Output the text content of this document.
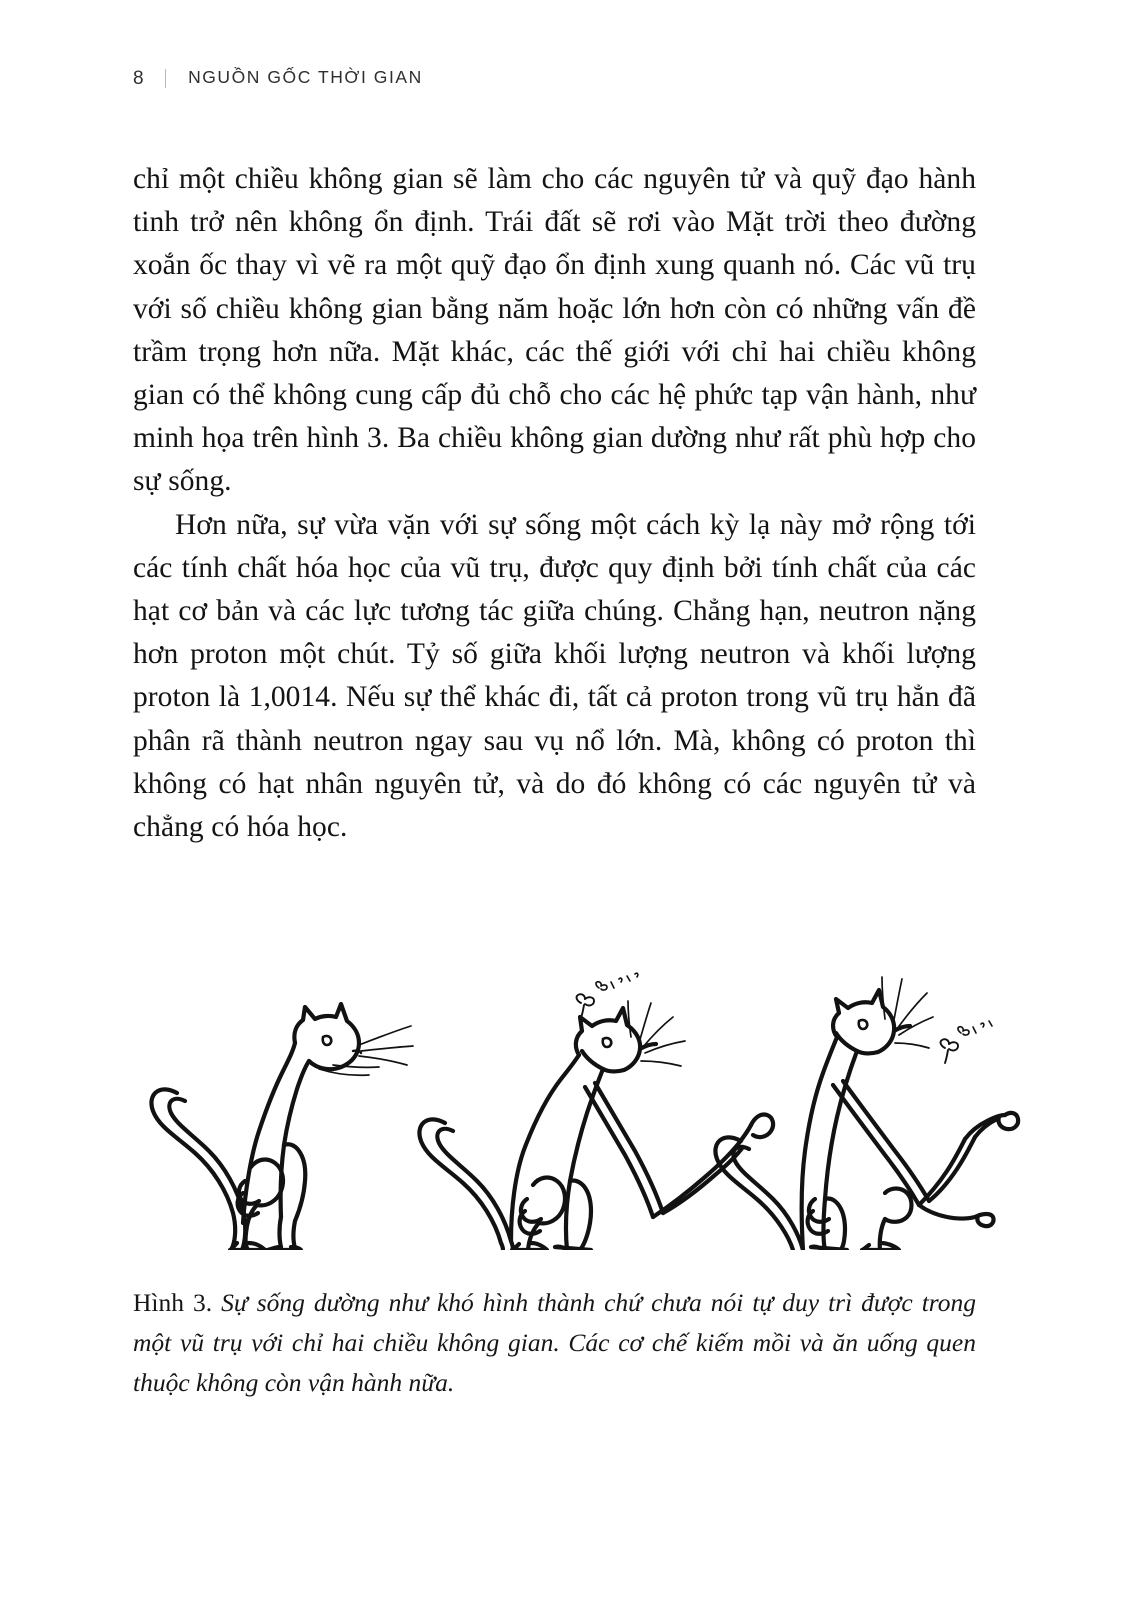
8	NGUỒN GỐC THỜI GIAN

chỉ một chiều không gian sẽ làm cho các nguyên tử và quỹ đạo hành tinh trở nên không ổn định. Trái đất sẽ rơi vào Mặt trời theo đường xoắn ốc thay vì vẽ ra một quỹ đạo ổn định xung quanh nó. Các vũ trụ với số chiều không gian bằng năm hoặc lớn hơn còn có những vấn đề trầm trọng hơn nữa. Mặt khác, các thế giới với chỉ hai chiều không gian có thể không cung cấp đủ chỗ cho các hệ phức tạp vận hành, như minh họa trên hình 3. Ba chiều không gian dường như rất phù hợp cho sự sống.

Hơn nữa, sự vừa vặn với sự sống một cách kỳ lạ này mở rộng tới các tính chất hóa học của vũ trụ, được quy định bởi tính chất của các hạt cơ bản và các lực tương tác giữa chúng. Chẳng hạn, neutron nặng hơn proton một chút. Tỷ số giữa khối lượng neutron và khối lượng proton là 1,0014. Nếu sự thể khác đi, tất cả proton trong vũ trụ hẳn đã phân rã thành neutron ngay sau vụ nổ lớn. Mà, không có proton thì không có hạt nhân nguyên tử, và do đó không có các nguyên tử và chẳng có hóa học.

Hình 3. Sự sống dường như khó hình thành chứ chưa nói tự duy trì được trong một vũ trụ với chỉ hai chiều không gian. Các cơ chế kiếm mồi và ăn uống quen thuộc không còn vận hành nữa.
